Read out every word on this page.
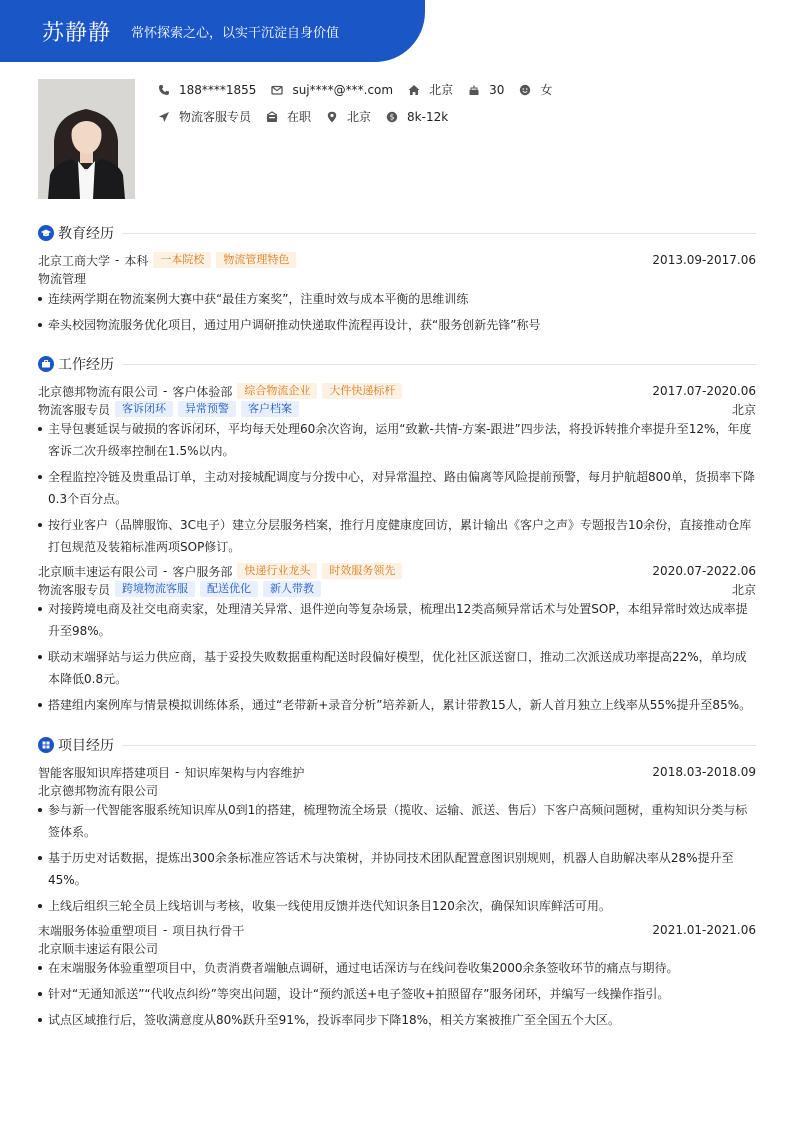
苏静静 常怀探索之心，以实干沉淀自身价值
188****1855	suj****@***.com	北京	30	女
物流客服专员	在职	北京 $ 8k-12k
教育经历
北京工商大学 - 本科	一本院校	物流管理特色	2013.09-2017.06
物流管理
连续两学期在物流案例大赛中获“最佳方案奖”，注重时效与成本平衡的思维训练
牵头校园物流服务优化项目，通过用户调研推动快递取件流程再设计，获“服务创新先锋”称号
工作经历
北京德邦物流有限公司 - 客户体验部	综合物流企业	大件快递标杆	2017.07-2020.06
物流客服专员	客诉闭环	异常预警	客户档案	北京
主导包裹延误与破损的客诉闭环，平均每天处理60余次咨询，运用“致歉-共情-方案-跟进”四步法，将投诉转推介率提升至12%，年度客诉二次升级率控制在1.5%以内。
全程监控冷链及贵重品订单，主动对接城配调度与分拨中心，对异常温控、路由偏离等风险提前预警，每月护航超800单，货损率下降0.3个百分点。
按行业客户（品牌服饰、3C电子）建立分层服务档案，推行月度健康度回访，累计输出《客户之声》专题报告10余份，直接推动仓库打包规范及装箱标准两项SOP修订。
北京顺丰速运有限公司 - 客户服务部	快递行业龙头	时效服务领先	2020.07-2022.06
物流客服专员	跨境物流客服	配送优化	新人带教	北京
对接跨境电商及社交电商卖家，处理清关异常、退件逆向等复杂场景，梳理出12类高频异常话术与处置SOP，本组异常时效达成率提升至98%。
联动末端驿站与运力供应商，基于妥投失败数据重构配送时段偏好模型，优化社区派送窗口，推动二次派送成功率提高22%，单均成本降低0.8元。
搭建组内案例库与情景模拟训练体系，通过“老带新+录音分析”培养新人，累计带教15人，新人首月独立上线率从55%提升至85%。
项目经历
智能客服知识库搭建项目 - 知识库架构与内容维护	2018.03-2018.09
北京德邦物流有限公司
参与新一代智能客服系统知识库从0到1的搭建，梳理物流全场景（揽收、运输、派送、售后）下客户高频问题树，重构知识分类与标签体系。
基于历史对话数据，提炼出300余条标准应答话术与决策树，并协同技术团队配置意图识别规则，机器人自助解决率从28%提升至45%。
上线后组织三轮全员上线培训与考核，收集一线使用反馈并迭代知识条目120余次，确保知识库鲜活可用。
末端服务体验重塑项目 - 项目执行骨干	2021.01-2021.06
北京顺丰速运有限公司
在末端服务体验重塑项目中，负责消费者端触点调研，通过电话深访与在线问卷收集2000余条签收环节的痛点与期待。
针对“无通知派送”“代收点纠纷”等突出问题，设计“预约派送+电子签收+拍照留存”服务闭环，并编写一线操作指引。
试点区域推行后，签收满意度从80%跃升至91%，投诉率同步下降18%，相关方案被推广至全国五个大区。
